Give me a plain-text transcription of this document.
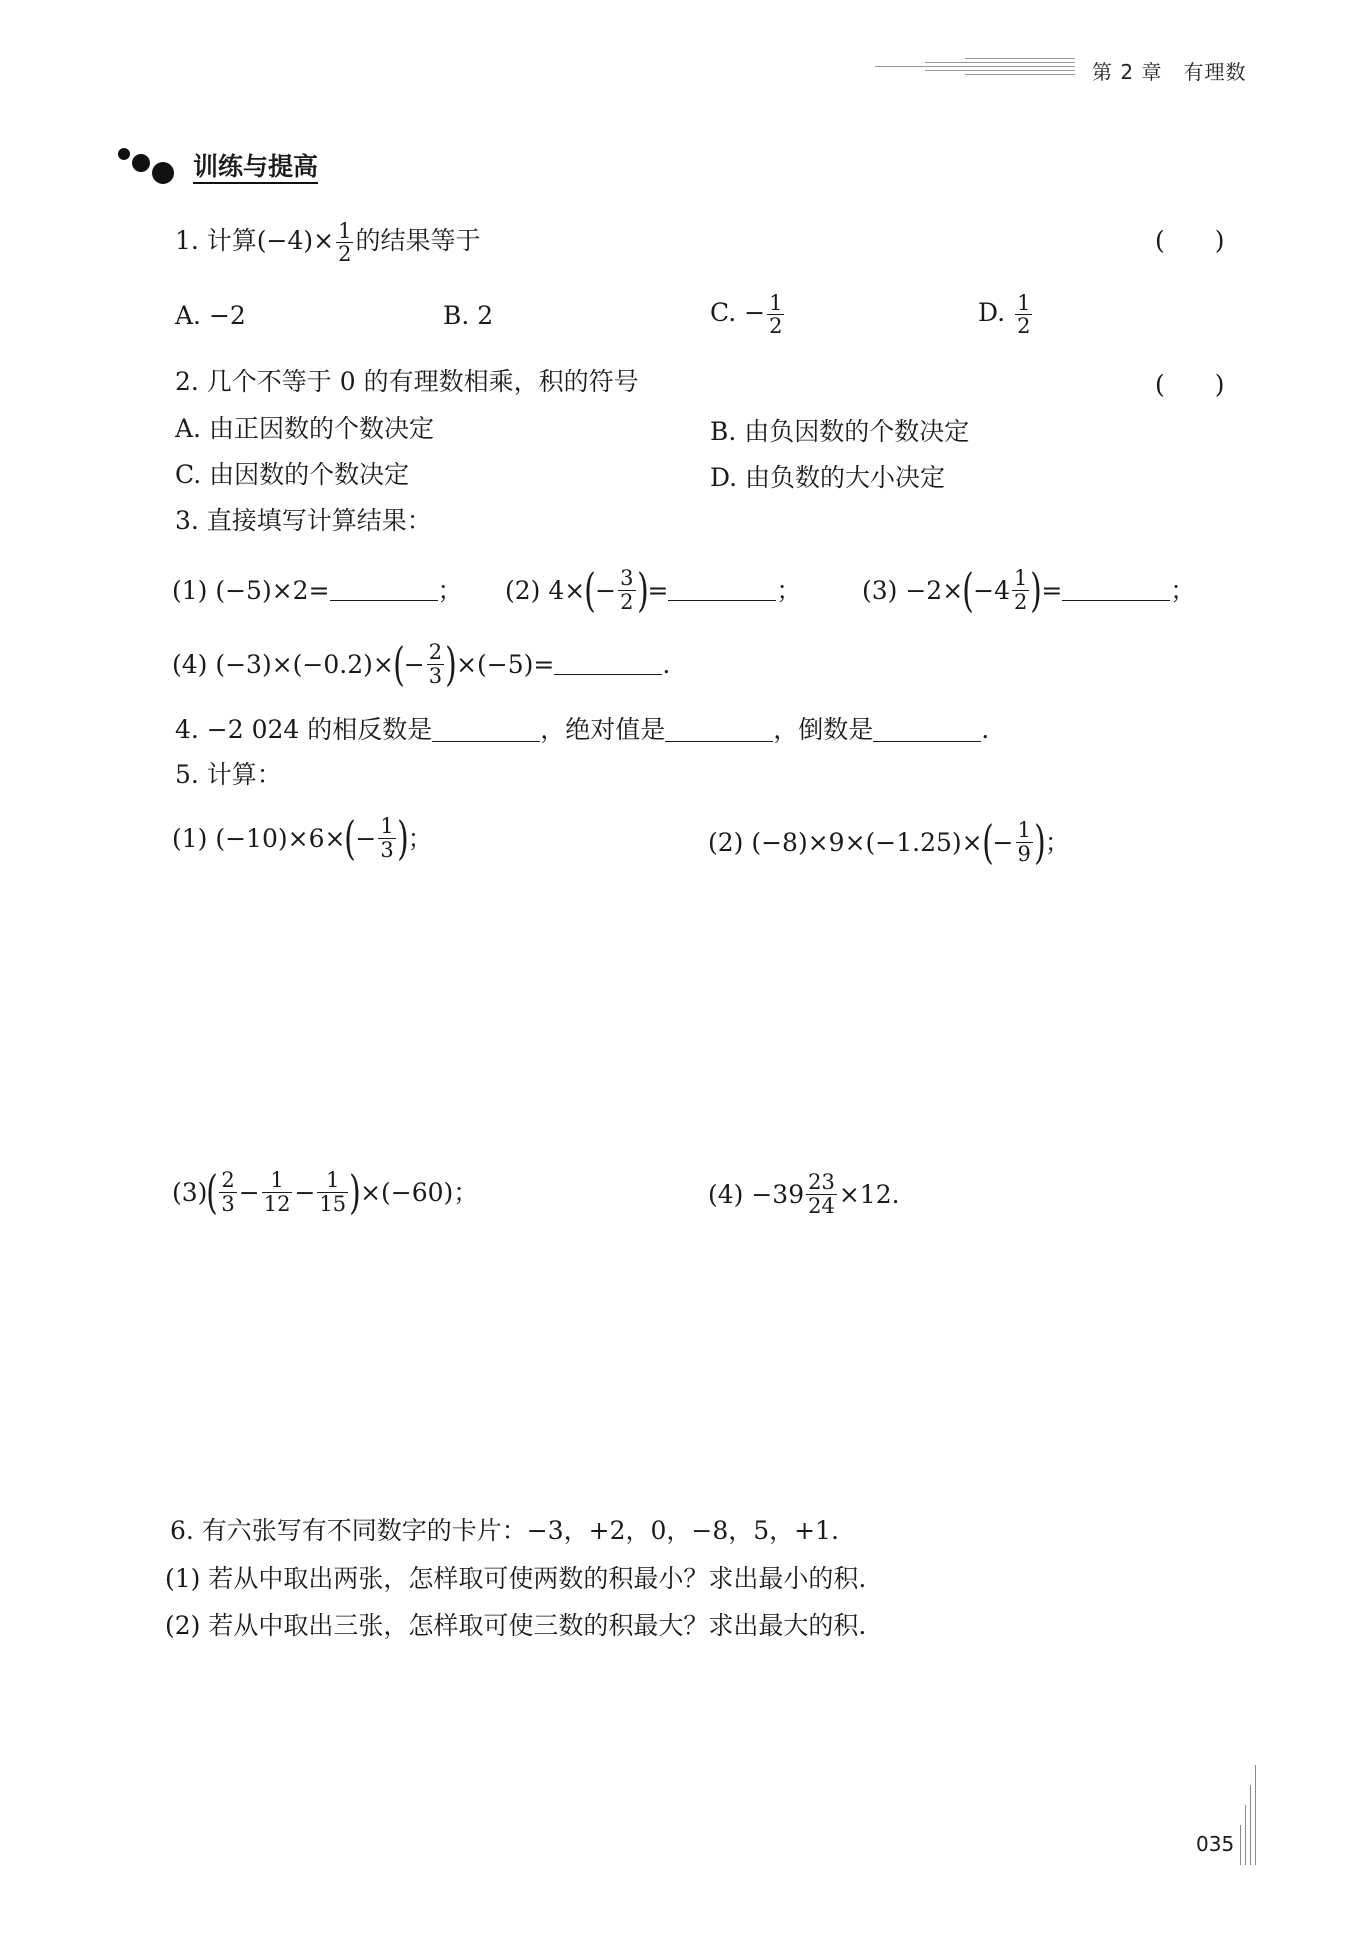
第 2 章　有理数
训练与提高
1. 计算$(-4)\times \frac{1}{2}$ 的结果等于	(　　)
A. −2	B. 2	C. − $\frac{1}{2}$	D. $\frac{1}{2}$
2. 几个不等于 0 的有理数相乘，积的符号	(　　)
A. 由正因数的个数决定	B. 由负因数的个数决定
C. 由因数的个数决定	D. 由负数的大小决定
3. 直接填写计算结果：
(1) (−5)×2=	； (2) 4× ( − $\frac{3}{2}$ ) =	； (3) −2× ( $-4 \frac{1}{2}$ ) =	；
(4) (−3)×(−0.2)× ( − $\frac{2}{3}$ ) ×(−5)=	.
4. −2 024 的相反数是	，绝对值是	，倒数是	.
5. 计算：
(1) (−10)×6× ( − $\frac{1}{3}$ ) ；	(2) (−8)×9×(−1.25)× ( − $\frac{1}{9}$ ) ；
(3) ( $\frac{2}{3} - \frac{1}{12} - \frac{1}{15}$ ) ×(−60)；	$(4) -39 \frac{23}{24} \times 12$.
6. 有六张写有不同数字的卡片：−3，+2，0，−8，5，+1.
(1) 若从中取出两张，怎样取可使两数的积最小？求出最小的积.
(2) 若从中取出三张，怎样取可使三数的积最大？求出最大的积.
035
